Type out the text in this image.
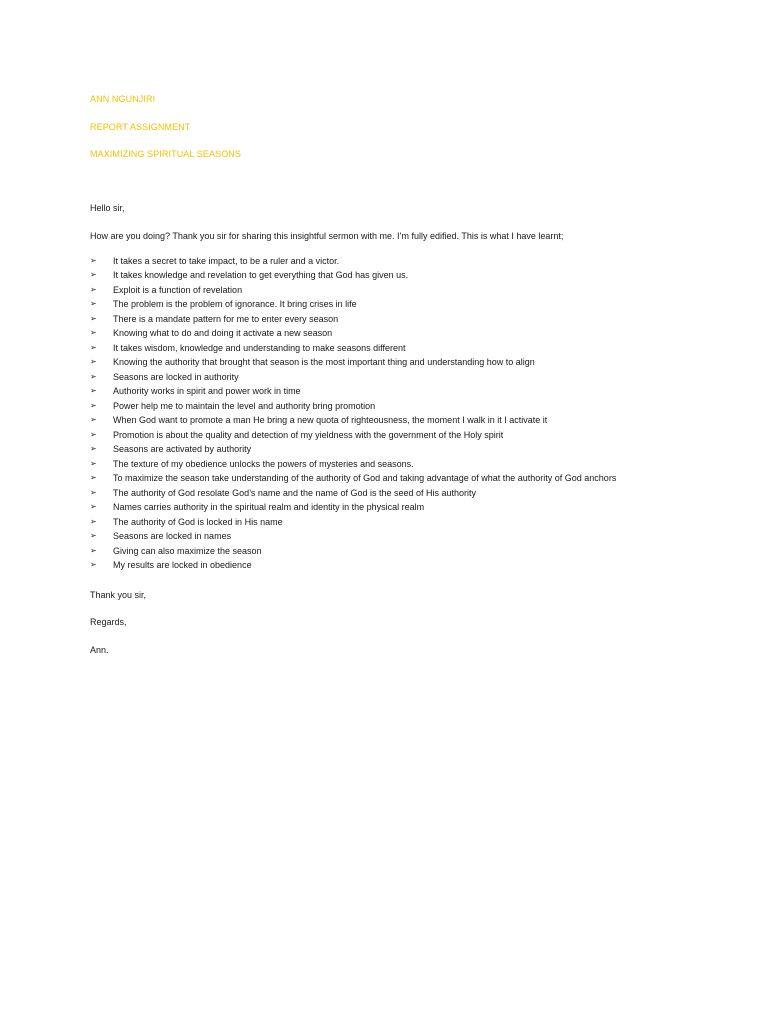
ANN NGUNJIRI
REPORT ASSIGNMENT
MAXIMIZING SPIRITUAL SEASONS
Hello sir,
How are you doing? Thank you sir for sharing this insightful sermon with me. I’m fully edified. This is what I have learnt;
➢	It takes a secret to take impact, to be a ruler and a victor.
➢	It takes knowledge and revelation to get everything that God has given us.
➢	Exploit is a function of revelation
➢	The problem is the problem of ignorance. It bring crises in life
➢	There is a mandate pattern for me to enter every season
➢	Knowing what to do and doing it activate a new season
➢	It takes wisdom, knowledge and understanding to make seasons different
➢	Knowing the authority that brought that season is the most important thing and understanding how to align
➢	Seasons are locked in authority
➢	Authority works in spirit and power work in time
➢	Power help me to maintain the level and authority bring promotion
➢	When God want to promote a man He bring a new quota of righteousness, the moment I walk in it I activate it
➢	Promotion is about the quality and detection of my yieldness with the government of the Holy spirit
➢	Seasons are activated by authority
➢	The texture of my obedience unlocks the powers of mysteries and seasons.
➢	To maximize the season take understanding of the authority of God and taking advantage of what the authority of God anchors
➢	The authority of God resolate God’s name and the name of God is the seed of His authority
➢	Names carries authority in the spiritual realm and identity in the physical realm
➢	The authority of God is locked in His name
➢	Seasons are locked in names
➢	Giving can also maximize the season
➢	My results are locked in obedience
Thank you sir,
Regards,
Ann.
